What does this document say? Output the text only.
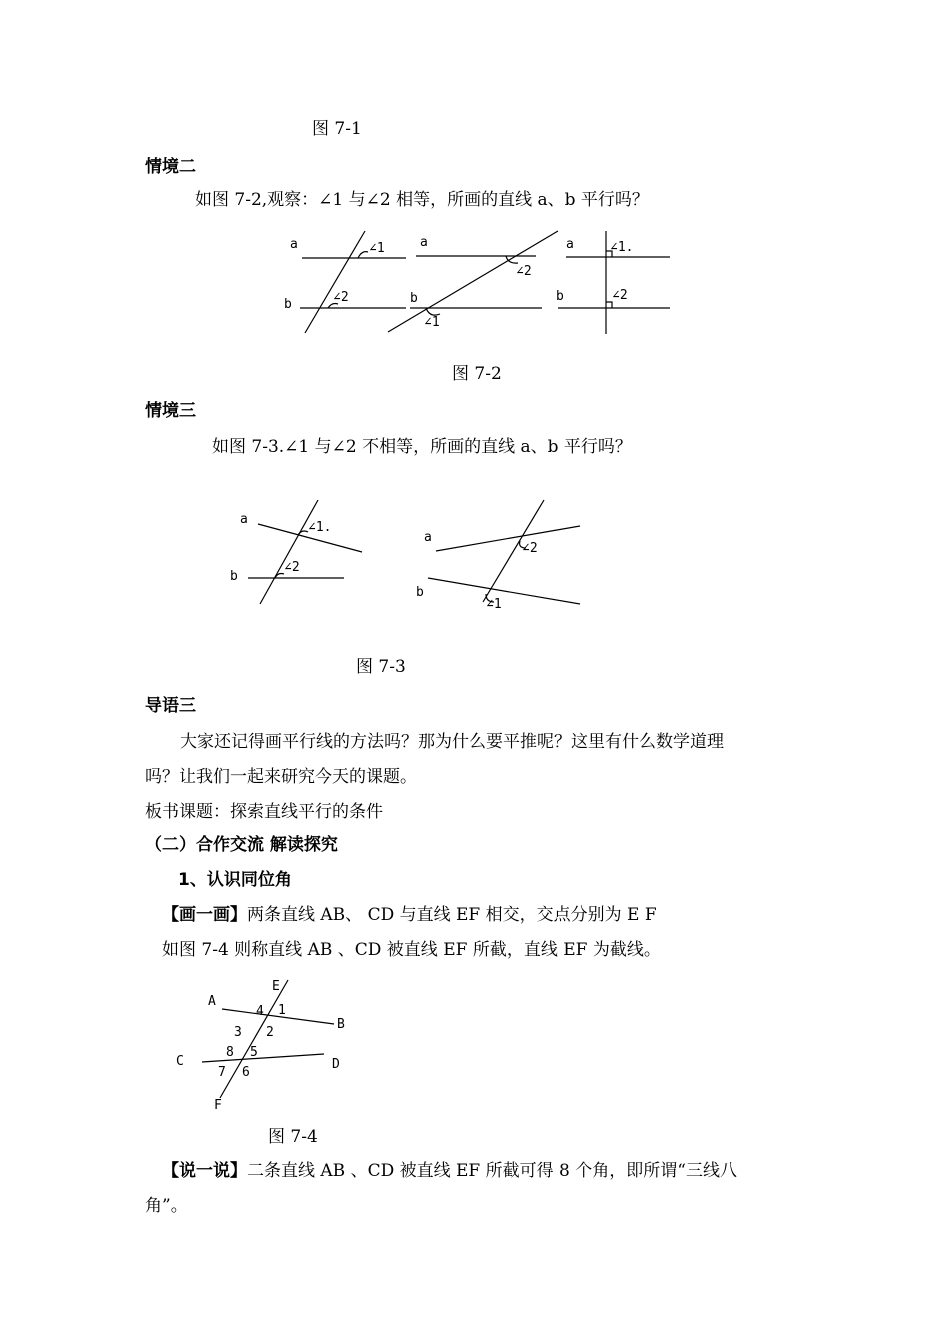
图 7-1
情境二
如图 7-2,观察：∠1 与∠2 相等，所画的直线 a、b 平行吗？
a
b
∠1
∠2
a
b
∠2
∠1
a
b
∠1.
∠2
图 7-2
情境三
如图 7-3.∠1 与∠2 不相等，所画的直线 a、b 平行吗？
a
b
∠1.
∠2
a
b
∠2
∠1
图 7-3
导语三
大家还记得画平行线的方法吗？那为什么要平推呢？这里有什么数学道理
吗？让我们一起来研究今天的课题。
板书课题：探索直线平行的条件
（二）合作交流 解读探究
1、认识同位角
【画一画】两条直线 AB、 CD 与直线 EF 相交，交点分别为 E F
如图 7-4 则称直线 AB 、CD 被直线 EF 所截，直线 EF 为截线。
A
B
C	D
E
F
4 1
3 2
8 5
7 6
图 7-4
【说一说】二条直线 AB 、CD 被直线 EF 所截可得 8 个角，即所谓“三线八
角”。
